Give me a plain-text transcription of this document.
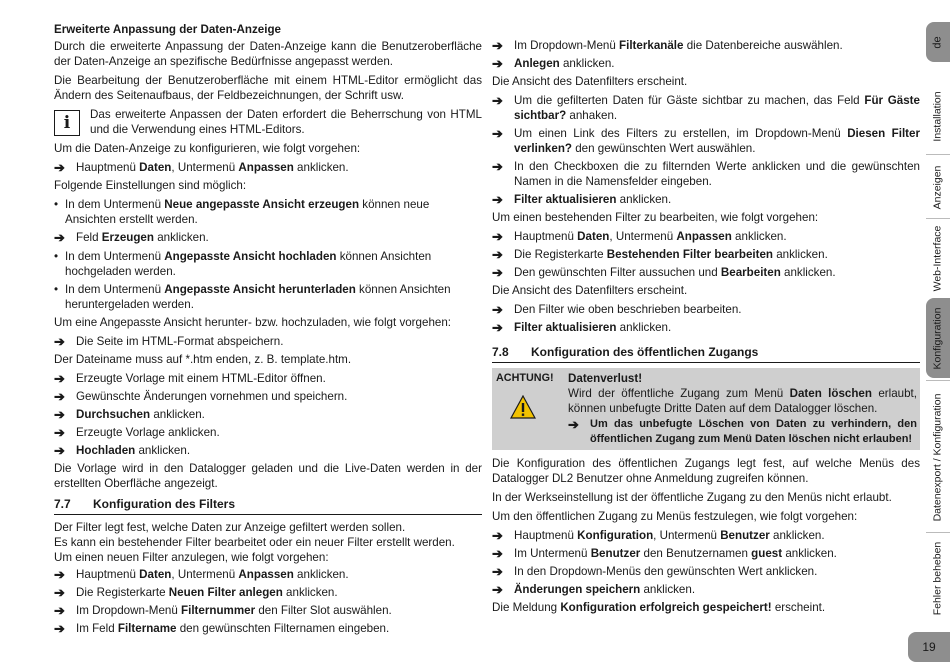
Erweiterte Anpassung der Daten-Anzeige

Durch die erweiterte Anpassung der Daten-Anzeige kann die Benutzeroberfläche der Daten-Anzeige an spezifische Bedürfnisse angepasst werden.

Die Bearbeitung der Benutzeroberfläche mit einem HTML-Editor ermöglicht das Ändern des Seitenaufbaus, der Feldbezeichnungen, der Schrift usw.

i	Das erweiterte Anpassen der Daten erfordert die Beherrschung von HTML und die Verwendung eines HTML-Editors.

Um die Daten-Anzeige zu konfigurieren, wie folgt vorgehen:

➔ Hauptmenü Daten, Untermenü Anpassen anklicken.

Folgende Einstellungen sind möglich:

• In dem Untermenü Neue angepasste Ansicht erzeugen können neue Ansichten erstellt werden.
➔ Feld Erzeugen anklicken.
• In dem Untermenü Angepasste Ansicht hochladen können Ansichten hochgeladen werden.
• In dem Untermenü Angepasste Ansicht herunterladen können Ansichten heruntergeladen werden.

Um eine Angepasste Ansicht herunter- bzw. hochzuladen, wie folgt vorgehen:

➔ Die Seite im HTML-Format abspeichern.

Der Dateiname muss auf *.htm enden, z. B. template.htm.

➔ Erzeugte Vorlage mit einem HTML-Editor öffnen.
➔ Gewünschte Änderungen vornehmen und speichern.
➔ Durchsuchen anklicken.
➔ Erzeugte Vorlage anklicken.
➔ Hochladen anklicken.

Die Vorlage wird in den Datalogger geladen und die Live-Daten werden in der erstellten Oberfläche angezeigt.

7.7	Konfiguration des Filters

Der Filter legt fest, welche Daten zur Anzeige gefiltert werden sollen.

Es kann ein bestehender Filter bearbeitet oder ein neuer Filter erstellt werden.

Um einen neuen Filter anzulegen, wie folgt vorgehen:

➔ Hauptmenü Daten, Untermenü Anpassen anklicken.
➔ Die Registerkarte Neuen Filter anlegen anklicken.
➔ Im Dropdown-Menü Filternummer den Filter Slot auswählen.
➔ Im Feld Filtername den gewünschten Filternamen eingeben.
➔ Im Dropdown-Menü Filterkanäle die Datenbereiche auswählen.
➔ Anlegen anklicken.

Die Ansicht des Datenfilters erscheint.

➔ Um die gefilterten Daten für Gäste sichtbar zu machen, das Feld Für Gäste sichtbar? anhaken.
➔ Um einen Link des Filters zu erstellen, im Dropdown-Menü Diesen Filter verlinken? den gewünschten Wert auswählen.
➔ In den Checkboxen die zu filternden Werte anklicken und die gewünschten Namen in die Namensfelder eingeben.
➔ Filter aktualisieren anklicken.

Um einen bestehenden Filter zu bearbeiten, wie folgt vorgehen:

➔ Hauptmenü Daten, Untermenü Anpassen anklicken.
➔ Die Registerkarte Bestehenden Filter bearbeiten anklicken.
➔ Den gewünschten Filter aussuchen und Bearbeiten anklicken.

Die Ansicht des Datenfilters erscheint.

➔ Den Filter wie oben beschrieben bearbeiten.
➔ Filter aktualisieren anklicken.
7.8	Konfiguration des öffentlichen Zugangs
ACHTUNG!	Datenverlust!
Wird der öffentliche Zugang zum Menü Daten löschen erlaubt, können unbefugte Dritte Daten auf dem Datalogger löschen.
➔ Um das unbefugte Löschen von Daten zu verhindern, den öffentlichen Zugang zum Menü Daten löschen nicht erlauben!

Die Konfiguration des öffentlichen Zugangs legt fest, auf welche Menüs des Datalogger DL2 Benutzer ohne Anmeldung zugreifen können.

In der Werkseinstellung ist der öffentliche Zugang zu den Menüs nicht erlaubt.

Um den öffentlichen Zugang zu Menüs festzulegen, wie folgt vorgehen:

➔ Hauptmenü Konfiguration, Untermenü Benutzer anklicken.
➔ Im Untermenü Benutzer den Benutzernamen guest anklicken.
➔ In den Dropdown-Menüs den gewünschten Wert anklicken.
➔ Änderungen speichern anklicken.

Die Meldung Konfiguration erfolgreich gespeichert! erscheint.

de
Installation
Anzeigen
Web-Interface
Konfiguration
Datenexport / Konfiguration
Fehler beheben
19
